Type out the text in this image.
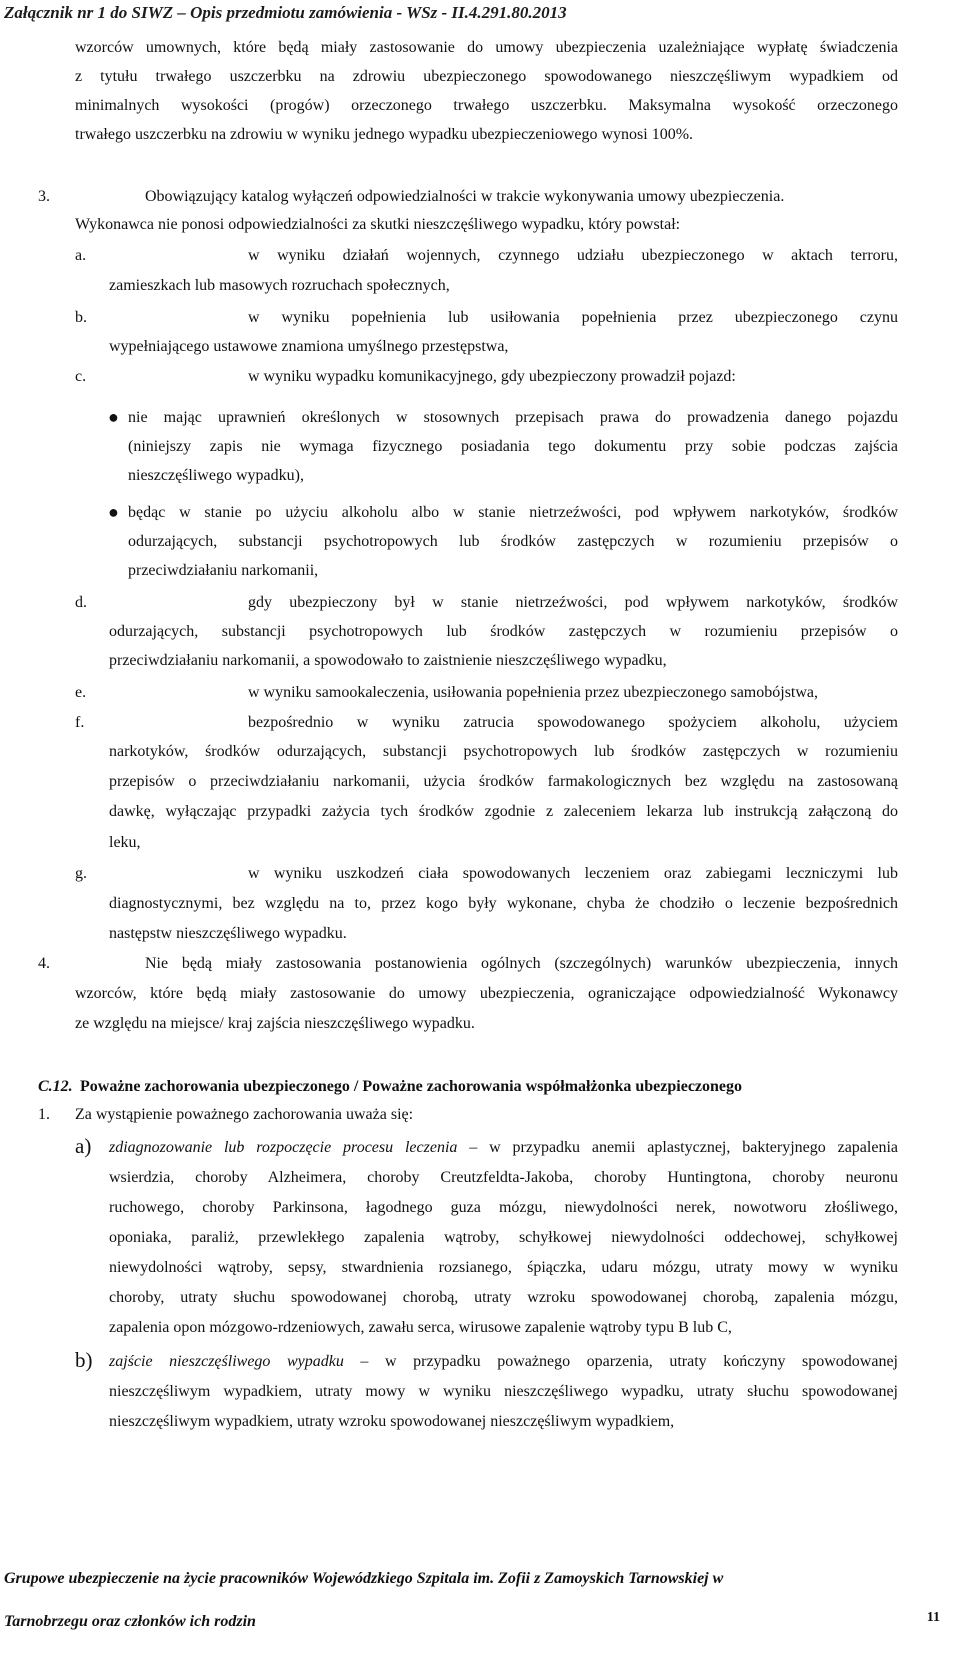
Załącznik nr 1 do SIWZ – Opis przedmiotu zamówienia - WSz - II.4.291.80.2013
wzorców umownych, które będą miały zastosowanie do umowy ubezpieczenia uzależniające wypłatę świadczenia
z tytułu trwałego uszczerbku na zdrowiu ubezpieczonego spowodowanego nieszczęśliwym wypadkiem od
minimalnych wysokości (progów) orzeczonego trwałego uszczerbku. Maksymalna wysokość orzeczonego
trwałego uszczerbku na zdrowiu w wyniku jednego wypadku ubezpieczeniowego wynosi 100%.
3.	Obowiązujący katalog wyłączeń odpowiedzialności w trakcie wykonywania umowy ubezpieczenia.
Wykonawca nie ponosi odpowiedzialności za skutki nieszczęśliwego wypadku, który powstał:
a.	w wyniku działań wojennych, czynnego udziału ubezpieczonego w aktach terroru,
zamieszkach lub masowych rozruchach społecznych,
b.	w wyniku popełnienia lub usiłowania popełnienia przez ubezpieczonego czynu
wypełniającego ustawowe znamiona umyślnego przestępstwa,
c.	w wyniku wypadku komunikacyjnego, gdy ubezpieczony prowadził pojazd:
● nie mając uprawnień określonych w stosownych przepisach prawa do prowadzenia danego pojazdu
(niniejszy zapis nie wymaga fizycznego posiadania tego dokumentu przy sobie podczas zajścia
nieszczęśliwego wypadku),
● będąc w stanie po użyciu alkoholu albo w stanie nietrzeźwości, pod wpływem narkotyków, środków
odurzających, substancji psychotropowych lub środków zastępczych w rozumieniu przepisów o
przeciwdziałaniu narkomanii,
d.	gdy ubezpieczony był w stanie nietrzeźwości, pod wpływem narkotyków, środków
odurzających, substancji psychotropowych lub środków zastępczych w rozumieniu przepisów o
przeciwdziałaniu narkomanii, a spowodowało to zaistnienie nieszczęśliwego wypadku,
e.	w wyniku samookaleczenia, usiłowania popełnienia przez ubezpieczonego samobójstwa,
f.	bezpośrednio w wyniku zatrucia spowodowanego spożyciem alkoholu, użyciem
narkotyków, środków odurzających, substancji psychotropowych lub środków zastępczych w rozumieniu
przepisów o przeciwdziałaniu narkomanii, użycia środków farmakologicznych bez względu na zastosowaną
dawkę, wyłączając przypadki zażycia tych środków zgodnie z zaleceniem lekarza lub instrukcją załączoną do
leku,
g.	w wyniku uszkodzeń ciała spowodowanych leczeniem oraz zabiegami leczniczymi lub
diagnostycznymi, bez względu na to, przez kogo były wykonane, chyba że chodziło o leczenie bezpośrednich
następstw nieszczęśliwego wypadku.
4.	Nie będą miały zastosowania postanowienia ogólnych (szczególnych) warunków ubezpieczenia, innych
wzorców, które będą miały zastosowanie do umowy ubezpieczenia, ograniczające odpowiedzialność Wykonawcy
ze względu na miejsce/ kraj zajścia nieszczęśliwego wypadku.
C.12. Poważne zachorowania ubezpieczonego / Poważne zachorowania współmałżonka ubezpieczonego
1. Za wystąpienie poważnego zachorowania uważa się:
a) zdiagnozowanie lub rozpoczęcie procesu leczenia – w przypadku anemii aplastycznej, bakteryjnego zapalenia
wsierdzia, choroby Alzheimera, choroby Creutzfeldta-Jakoba, choroby Huntingtona, choroby neuronu
ruchowego, choroby Parkinsona, łagodnego guza mózgu, niewydolności nerek, nowotworu złośliwego,
oponiaka, paraliż, przewlekłego zapalenia wątroby, schyłkowej niewydolności oddechowej, schyłkowej
niewydolności wątroby, sepsy, stwardnienia rozsianego, śpiączka, udaru mózgu, utraty mowy w wyniku
choroby, utraty słuchu spowodowanej chorobą, utraty wzroku spowodowanej chorobą, zapalenia mózgu,
zapalenia opon mózgowo-rdzeniowych, zawału serca, wirusowe zapalenie wątroby typu B lub C,
b) zajście nieszczęśliwego wypadku – w przypadku poważnego oparzenia, utraty kończyny spowodowanej
nieszczęśliwym wypadkiem, utraty mowy w wyniku nieszczęśliwego wypadku, utraty słuchu spowodowanej
nieszczęśliwym wypadkiem, utraty wzroku spowodowanej nieszczęśliwym wypadkiem,
Grupowe ubezpieczenie na życie pracowników Wojewódzkiego Szpitala im. Zofii z Zamoyskich Tarnowskiej w
Tarnobrzegu oraz członków ich rodzin	11
